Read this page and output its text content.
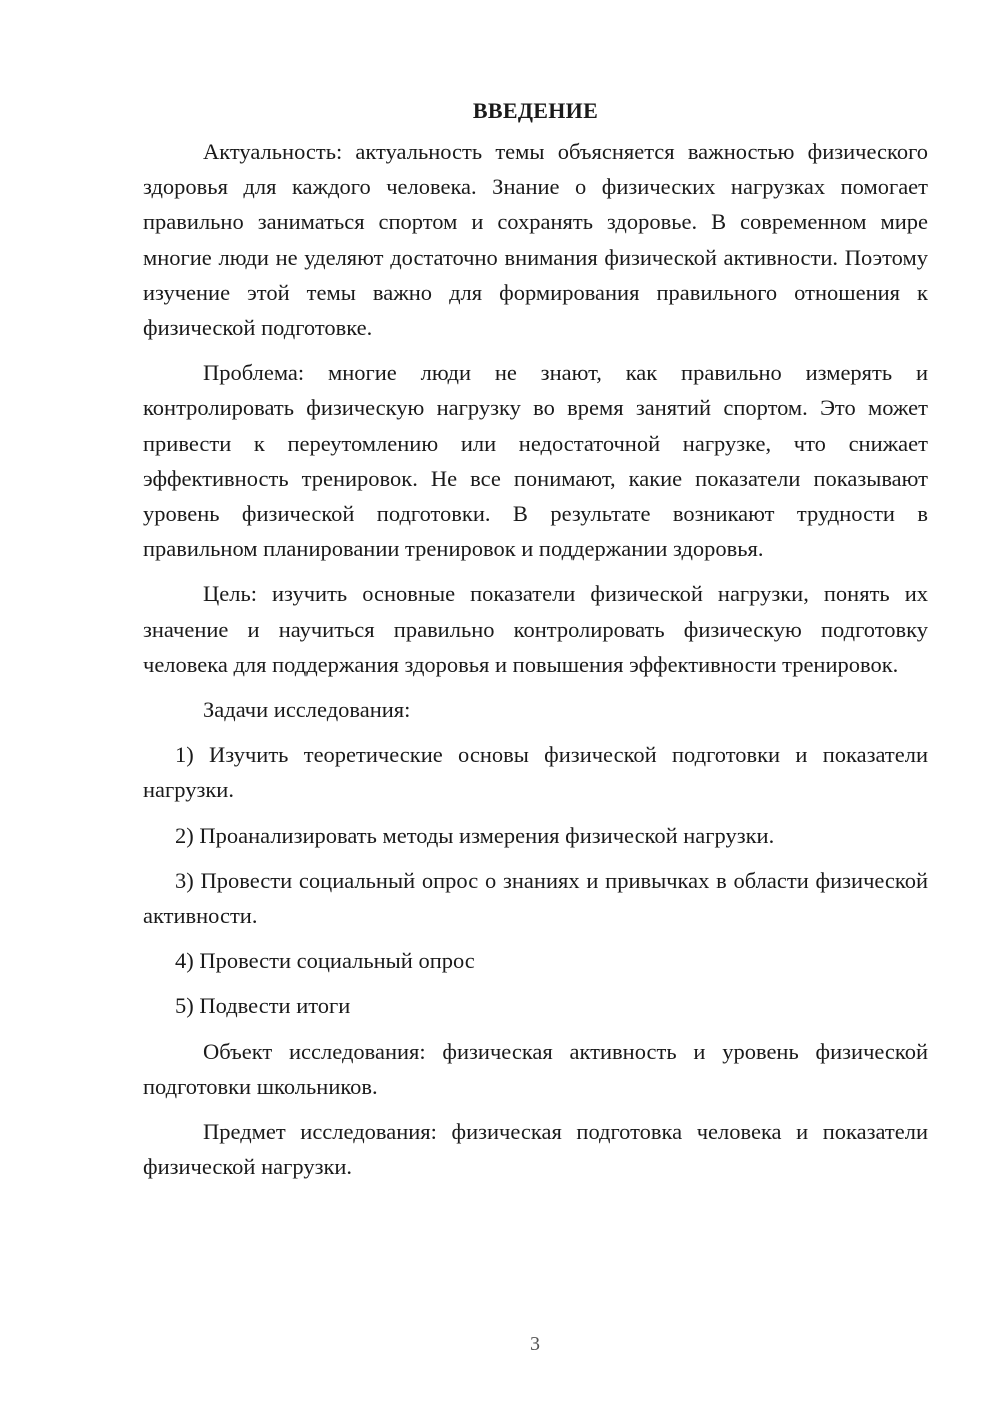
ВВЕДЕНИЕ

Актуальность: актуальность темы объясняется важностью физического здоровья для каждого человека. Знание о физических нагрузках помогает правильно заниматься спортом и сохранять здоровье. В современном мире многие люди не уделяют достаточно внимания физической активности. Поэтому изучение этой темы важно для формирования правильного отношения к физической подготовке.

Проблема: многие люди не знают, как правильно измерять и контролировать физическую нагрузку во время занятий спортом. Это может привести к переутомлению или недостаточной нагрузке, что снижает эффективность тренировок. Не все понимают, какие показатели показывают уровень физической подготовки. В результате возникают трудности в правильном планировании тренировок и поддержании здоровья.

Цель: изучить основные показатели физической нагрузки, понять их значение и научиться правильно контролировать физическую подготовку человека для поддержания здоровья и повышения эффективности тренировок.

Задачи исследования:

1) Изучить теоретические основы физической подготовки и показатели нагрузки.

2) Проанализировать методы измерения физической нагрузки.

3) Провести социальный опрос о знаниях и привычках в области физической активности.

4) Провести социальный опрос

5) Подвести итоги

Объект исследования: физическая активность и уровень физической подготовки школьников.

Предмет исследования: физическая подготовка человека и показатели физической нагрузки.

3
